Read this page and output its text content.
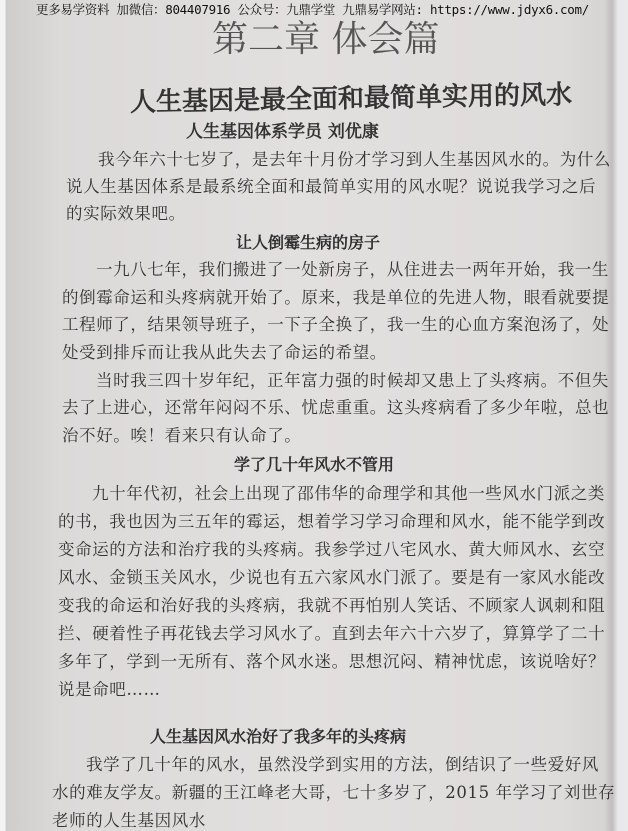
更多易学资料 加微信：804407916 公众号：九鼎学堂 九鼎易学网站: https://www.jdyx6.com/
第二章 体会篇
人生基因是最全面和最简单实用的风水
人生基因体系学员 刘优康
我今年六十七岁了，是去年十月份才学习到人生基因风水的。为什么
说人生基因体系是最系统全面和最简单实用的风水呢？说说我学习之后
的实际效果吧。
让人倒霉生病的房子
一九八七年，我们搬进了一处新房子，从住进去一两年开始，我一生
的倒霉命运和头疼病就开始了。原来，我是单位的先进人物，眼看就要提
工程师了，结果领导班子，一下子全换了，我一生的心血方案泡汤了，处
处受到排斥而让我从此失去了命运的希望。
当时我三四十岁年纪，正年富力强的时候却又患上了头疼病。不但失
去了上进心，还常年闷闷不乐、忧虑重重。这头疼病看了多少年啦，总也
治不好。唉！看来只有认命了。
学了几十年风水不管用
九十年代初，社会上出现了邵伟华的命理学和其他一些风水门派之类
的书，我也因为三五年的霉运，想着学习学习命理和风水，能不能学到改
变命运的方法和治疗我的头疼病。我参学过八宅风水、黄大师风水、玄空
风水、金锁玉关风水，少说也有五六家风水门派了。要是有一家风水能改
变我的命运和治好我的头疼病，我就不再怕别人笑话、不顾家人讽刺和阻
拦、硬着性子再花钱去学习风水了。直到去年六十六岁了，算算学了二十
多年了，学到一无所有、落个风水迷。思想沉闷、精神忧虑，该说啥好？
说是命吧……
人生基因风水治好了我多年的头疼病
我学了几十年的风水，虽然没学到实用的方法，倒结识了一些爱好风
水的难友学友。新疆的王江峰老大哥，七十多岁了，2015 年学习了刘世存
老师的人生基因风水
